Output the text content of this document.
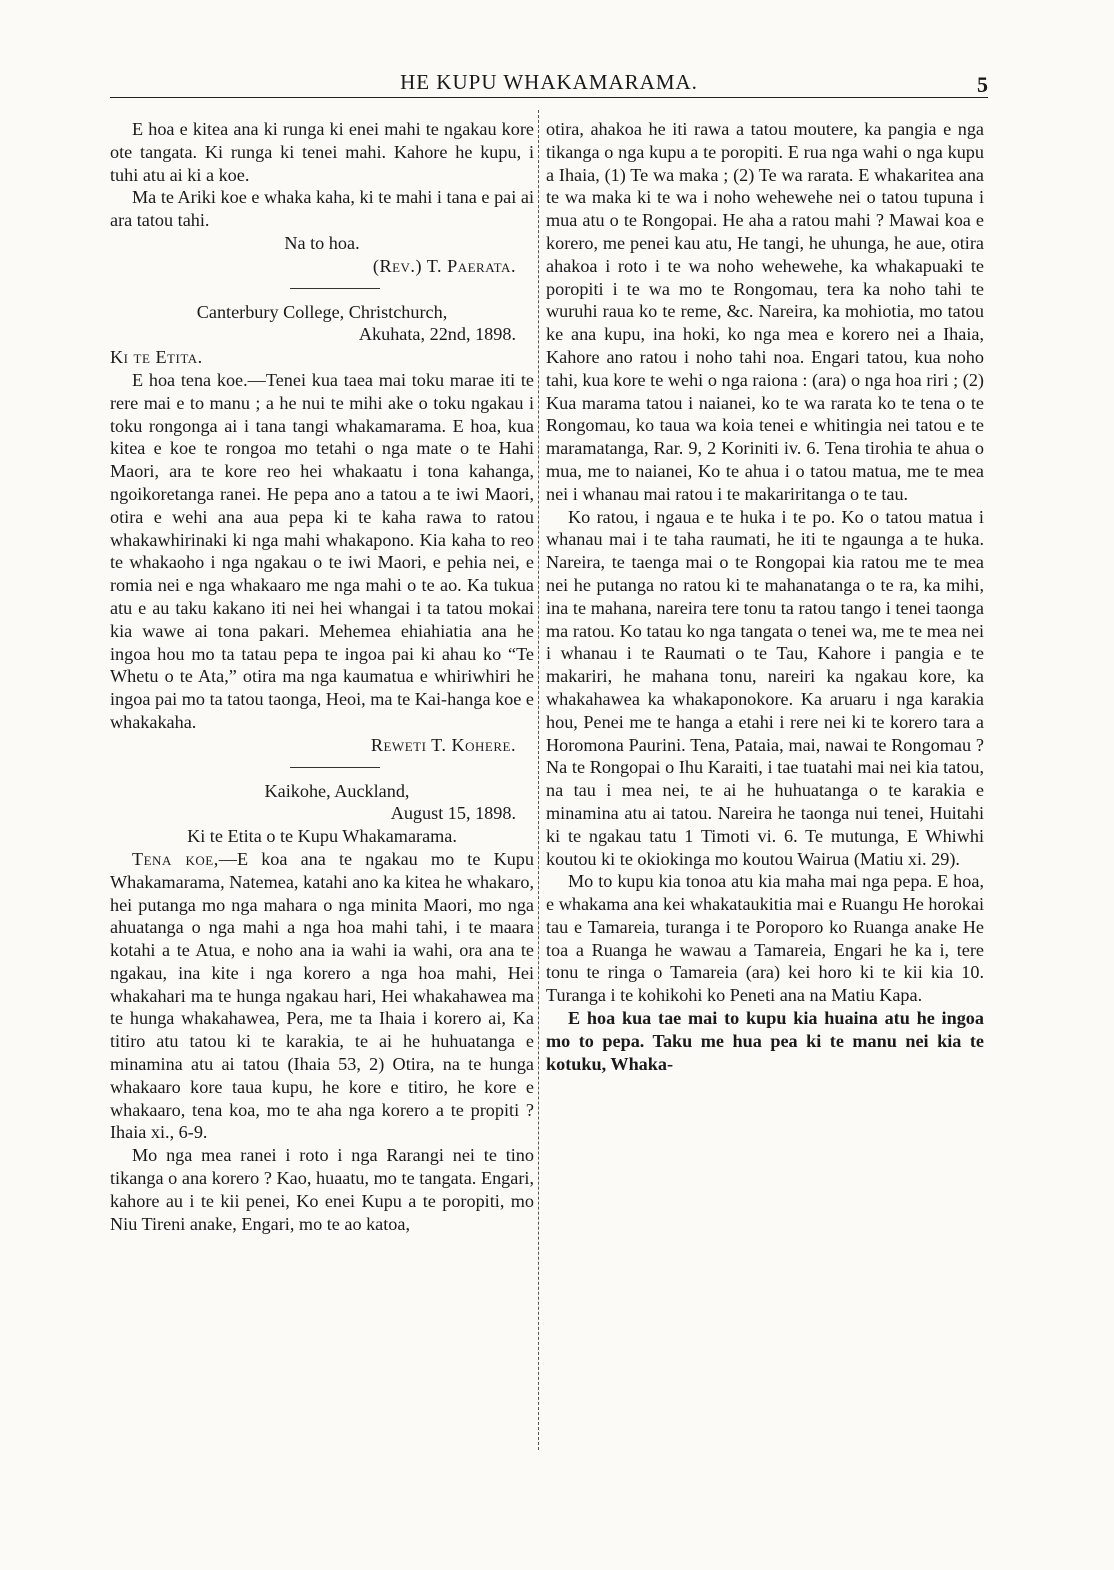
HE KUPU WHAKAMARAMA.	5

E hoa e kitea ana ki runga ki enei mahi te ngakau kore ote tangata. Ki runga ki tenei mahi. Kahore he kupu, i tuhi atu ai ki a koe.

Ma te Ariki koe e whaka kaha, ki te mahi i tana e pai ai ara tatou tahi.

Na to hoa.

(Rev.) T. Paerata.

Canterbury College, Christchurch,

Akuhata, 22nd, 1898.

Ki te Etita.

E hoa tena koe.—Tenei kua taea mai toku marae iti te rere mai e to manu ; a he nui te mihi ake o toku ngakau i toku rongonga ai i tana tangi whakamarama. E hoa, kua kitea e koe te rongoa mo tetahi o nga mate o te Hahi Maori, ara te kore reo hei whakaatu i tona kahanga, ngoikoretanga ranei. He pepa ano a tatou a te iwi Maori, otira e wehi ana aua pepa ki te kaha rawa to ratou whakawhirinaki ki nga mahi whakapono. Kia kaha to reo te whakaoho i nga ngakau o te iwi Maori, e pehia nei, e romia nei e nga whakaaro me nga mahi o te ao. Ka tukua atu e au taku kakano iti nei hei whangai i ta tatou mokai kia wawe ai tona pakari. Mehemea ehiahiatia ana he ingoa hou mo ta tatau pepa te ingoa pai ki ahau ko “Te Whetu o te Ata,” otira ma nga kaumatua e whiriwhiri he ingoa pai mo ta tatou taonga, Heoi, ma te Kai-hanga koe e whakakaha.

Reweti T. Kohere.

Kaikohe, Auckland,

August 15, 1898.

Ki te Etita o te Kupu Whakamarama.

Tena koe,—E koa ana te ngakau mo te Kupu Whakamarama, Natemea, katahi ano ka kitea he whakaro, hei putanga mo nga mahara o nga minita Maori, mo nga ahuatanga o nga mahi a nga hoa mahi tahi, i te maara kotahi a te Atua, e noho ana ia wahi ia wahi, ora ana te ngakau, ina kite i nga korero a nga hoa mahi, Hei whakahari ma te hunga ngakau hari, Hei whakahawea ma te hunga whakahawea, Pera, me ta Ihaia i korero ai, Ka titiro atu tatou ki te karakia, te ai he huhuatanga e minamina atu ai tatou (Ihaia 53, 2) Otira, na te hunga whakaaro kore taua kupu, he kore e titiro, he kore e whakaaro, tena koa, mo te aha nga korero a te propiti ? Ihaia xi., 6-9.

Mo nga mea ranei i roto i nga Rarangi nei te tino tikanga o ana korero ? Kao, huaatu, mo te tangata. Engari, kahore au i te kii penei, Ko enei Kupu a te poropiti, mo Niu Tireni anake, Engari, mo te ao katoa,

otira, ahakoa he iti rawa a tatou moutere, ka pangia e nga tikanga o nga kupu a te poropiti. E rua nga wahi o nga kupu a Ihaia, (1) Te wa maka ; (2) Te wa rarata. E whakaritea ana te wa maka ki te wa i noho wehewehe nei o tatou tupuna i mua atu o te Rongopai. He aha a ratou mahi ? Mawai koa e korero, me penei kau atu, He tangi, he uhunga, he aue, otira ahakoa i roto i te wa noho wehewehe, ka whakapuaki te poropiti i te wa mo te Rongomau, tera ka noho tahi te wuruhi raua ko te reme, &c. Nareira, ka mohiotia, mo tatou ke ana kupu, ina hoki, ko nga mea e korero nei a Ihaia, Kahore ano ratou i noho tahi noa. Engari tatou, kua noho tahi, kua kore te wehi o nga raiona : (ara) o nga hoa riri ; (2) Kua marama tatou i naianei, ko te wa rarata ko te tena o te Rongomau, ko taua wa koia tenei e whitingia nei tatou e te maramatanga, Rar. 9, 2 Koriniti iv. 6. Tena tirohia te ahua o mua, me to naianei, Ko te ahua i o tatou matua, me te mea nei i whanau mai ratou i te makariritanga o te tau.

Ko ratou, i ngaua e te huka i te po. Ko o tatou matua i whanau mai i te taha raumati, he iti te ngaunga a te huka. Nareira, te taenga mai o te Rongopai kia ratou me te mea nei he putanga no ratou ki te mahanatanga o te ra, ka mihi, ina te mahana, nareira tere tonu ta ratou tango i tenei taonga ma ratou. Ko tatau ko nga tangata o tenei wa, me te mea nei i whanau i te Raumati o te Tau, Kahore i pangia e te makariri, he mahana tonu, nareiri ka ngakau kore, ka whakahawea ka whakaponokore. Ka aruaru i nga karakia hou, Penei me te hanga a etahi i rere nei ki te korero tara a Horomona Paurini. Tena, Pataia, mai, nawai te Rongomau ? Na te Rongopai o Ihu Karaiti, i tae tuatahi mai nei kia tatou, na tau i mea nei, te ai he huhuatanga o te karakia e minamina atu ai tatou. Nareira he taonga nui tenei, Huitahi ki te ngakau tatu 1 Timoti vi. 6. Te mutunga, E Whiwhi koutou ki te okiokinga mo koutou Wairua (Matiu xi. 29).

Mo to kupu kia tonoa atu kia maha mai nga pepa. E hoa, e whakama ana kei whakataukitia mai e Ruangu He horokai tau e Tamareia, turanga i te Poroporo ko Ruanga anake He toa a Ruanga he wawau a Tamareia, Engari he ka i, tere tonu te ringa o Tamareia (ara) kei horo ki te kii kia 10. Turanga i te kohikohi ko Peneti ana na Matiu Kapa.

E hoa kua tae mai to kupu kia huaina atu he ingoa mo to pepa. Taku me hua pea ki te manu nei kia te kotuku, Whaka-
